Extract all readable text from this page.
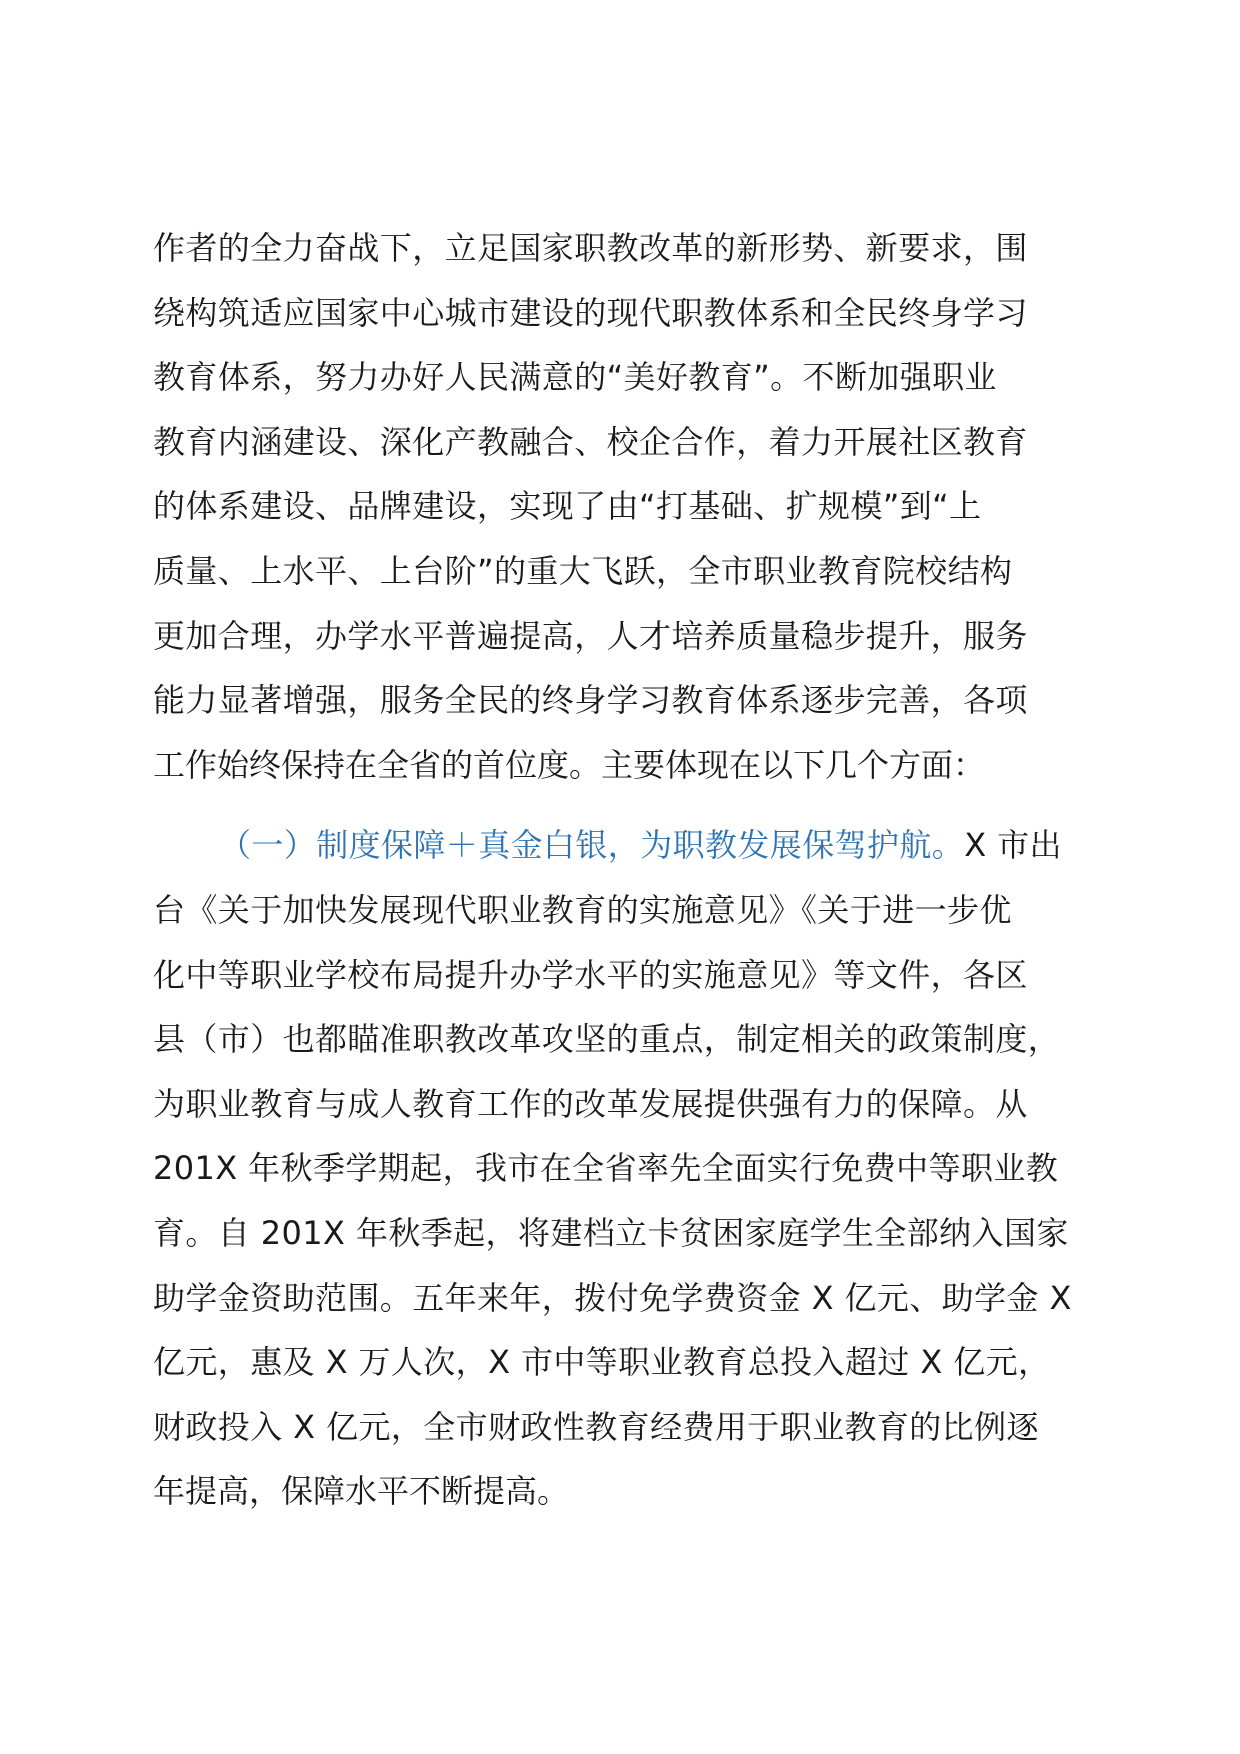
作者的全力奋战下，立足国家职教改革的新形势、新要求，围
绕构筑适应国家中心城市建设的现代职教体系和全民终身学习
教育体系，努力办好人民满意的“美好教育”。不断加强职业
教育内涵建设、深化产教融合、校企合作，着力开展社区教育
的体系建设、品牌建设，实现了由“打基础、扩规模”到“上
质量、上水平、上台阶”的重大飞跃，全市职业教育院校结构
更加合理，办学水平普遍提高，人才培养质量稳步提升，服务
能力显著增强，服务全民的终身学习教育体系逐步完善，各项
工作始终保持在全省的首位度。主要体现在以下几个方面：
（一）制度保障＋真金白银，为职教发展保驾护航。X 市出
台《关于加快发展现代职业教育的实施意见》《关于进一步优
化中等职业学校布局提升办学水平的实施意见》等文件，各区
县（市）也都瞄准职教改革攻坚的重点，制定相关的政策制度，
为职业教育与成人教育工作的改革发展提供强有力的保障。从
201X 年秋季学期起，我市在全省率先全面实行免费中等职业教
育。自 201X 年秋季起，将建档立卡贫困家庭学生全部纳入国家
助学金资助范围。五年来年，拨付免学费资金 X 亿元、助学金 X
亿元，惠及 X 万人次，X 市中等职业教育总投入超过 X 亿元，
财政投入 X 亿元，全市财政性教育经费用于职业教育的比例逐
年提高，保障水平不断提高。
